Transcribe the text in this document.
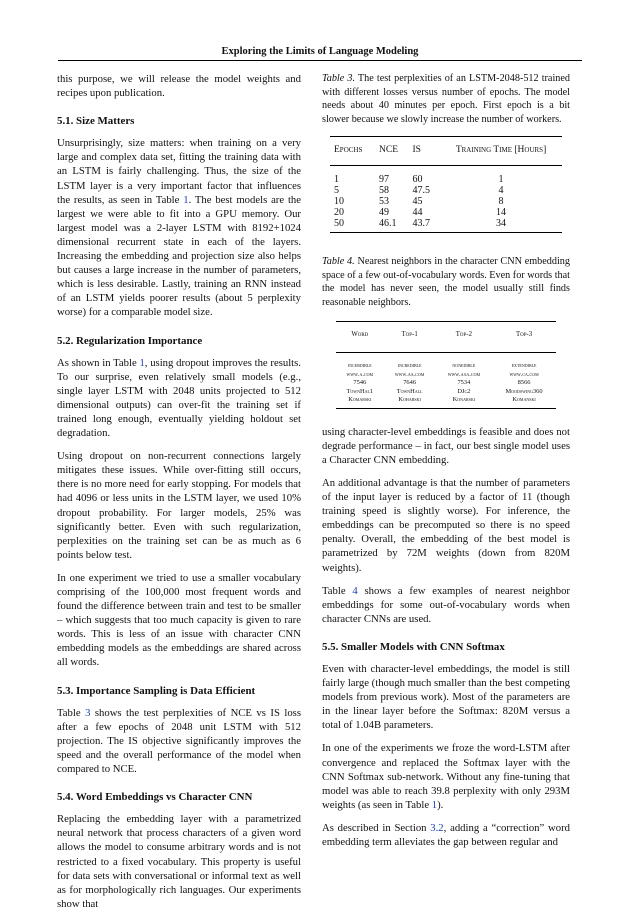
Exploring the Limits of Language Modeling

this purpose, we will release the model weights and recipes upon publication.

5.1. Size Matters

Unsurprisingly, size matters: when training on a very large and complex data set, fitting the training data with an LSTM is fairly challenging. Thus, the size of the LSTM layer is a very important factor that influences the results, as seen in Table 1. The best models are the largest we were able to fit into a GPU memory. Our largest model was a 2-layer LSTM with 8192+1024 dimensional recurrent state in each of the layers. Increasing the embedding and projection size also helps but causes a large increase in the number of parameters, which is less desirable. Lastly, training an RNN instead of an LSTM yields poorer results (about 5 perplexity worse) for a comparable model size.

5.2. Regularization Importance

As shown in Table 1, using dropout improves the results. To our surprise, even relatively small models (e.g., single layer LSTM with 2048 units projected to 512 dimensional outputs) can over-fit the training set if trained long enough, eventually yielding holdout set degradation.

Using dropout on non-recurrent connections largely mitigates these issues. While over-fitting still occurs, there is no more need for early stopping. For models that had 4096 or less units in the LSTM layer, we used 10% dropout probability. For larger models, 25% was significantly better. Even with such regularization, perplexities on the training set can be as much as 6 points below test.

In one experiment we tried to use a smaller vocabulary comprising of the 100,000 most frequent words and found the difference between train and test to be smaller – which suggests that too much capacity is given to rare words. This is less of an issue with character CNN embedding models as the embeddings are shared across all words.

5.3. Importance Sampling is Data Efficient

Table 3 shows the test perplexities of NCE vs IS loss after a few epochs of 2048 unit LSTM with 512 projection. The IS objective significantly improves the speed and the overall performance of the model when compared to NCE.

5.4. Word Embeddings vs Character CNN

Replacing the embedding layer with a parametrized neural network that process characters of a given word allows the model to consume arbitrary words and is not restricted to a fixed vocabulary. This property is useful for data sets with conversational or informal text as well as for morphologically rich languages. Our experiments show that

Table 3. The test perplexities of an LSTM-2048-512 trained with different losses versus number of epochs. The model needs about 40 minutes per epoch. First epoch is a bit slower because we slowly increase the number of workers.
Epochs	NCE	IS	Training Time [Hours]
1	97	60	1
5	58	47.5	4
10	53	45	8
20	49	44	14
50	46.1	43.7	34
Table 4. Nearest neighbors in the character CNN embedding space of a few out-of-vocabulary words. Even for words that the model has never seen, the model usually still finds reasonable neighbors.
Word	Top-1	Top-2	Top-3
incerdible	incredible	nonedible	extendible
www.a.com	www.aa.com	www.aaa.com	www.ca.com
7546	7646	7534	8566
TownHal1	TownHall	DJc2	Moodswing360
Komarski	Koharski	Konarski	Komanski

using character-level embeddings is feasible and does not degrade performance – in fact, our best single model uses a Character CNN embedding.

An additional advantage is that the number of parameters of the input layer is reduced by a factor of 11 (though training speed is slightly worse). For inference, the embeddings can be precomputed so there is no speed penalty. Overall, the embedding of the best model is parametrized by 72M weights (down from 820M weights).

Table 4 shows a few examples of nearest neighbor embeddings for some out-of-vocabulary words when character CNNs are used.

5.5. Smaller Models with CNN Softmax

Even with character-level embeddings, the model is still fairly large (though much smaller than the best competing models from previous work). Most of the parameters are in the linear layer before the Softmax: 820M versus a total of 1.04B parameters.

In one of the experiments we froze the word-LSTM after convergence and replaced the Softmax layer with the CNN Softmax sub-network. Without any fine-tuning that model was able to reach 39.8 perplexity with only 293M weights (as seen in Table 1).

As described in Section 3.2, adding a “correction” word embedding term alleviates the gap between regular and
